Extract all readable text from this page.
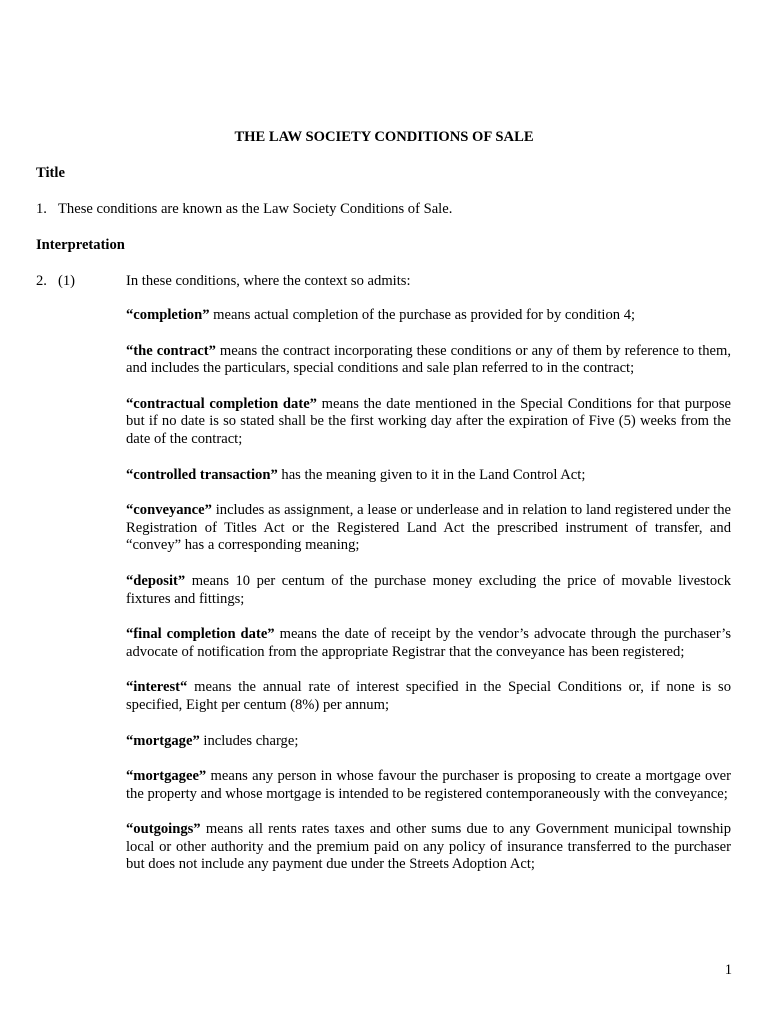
THE LAW SOCIETY CONDITIONS OF SALE
Title
1. These conditions are known as the Law Society Conditions of Sale.
Interpretation
2. (1)	In these conditions, where the context so admits:

“completion” means actual completion of the purchase as provided for by condition 4;

“the contract” means the contract incorporating these conditions or any of them by reference to them, and includes the particulars, special conditions and sale plan referred to in the contract;

“contractual completion date” means the date mentioned in the Special Conditions for that purpose but if no date is so stated shall be the first working day after the expiration of Five (5) weeks from the date of the contract;

“controlled transaction” has the meaning given to it in the Land Control Act;

“conveyance” includes as assignment, a lease or underlease and in relation to land registered under the Registration of Titles Act or the Registered Land Act the prescribed instrument of transfer, and “convey” has a corresponding meaning;

“deposit” means 10 per centum of the purchase money excluding the price of movable livestock fixtures and fittings;

“final completion date” means the date of receipt by the vendor’s advocate through the purchaser’s advocate of notification from the appropriate Registrar that the conveyance has been registered;

“interest“ means the annual rate of interest specified in the Special Conditions or, if none is so specified, Eight per centum (8%) per annum;

“mortgage” includes charge;

“mortgagee” means any person in whose favour the purchaser is proposing to create a mortgage over the property and whose mortgage is intended to be registered contemporaneously with the conveyance;

“outgoings” means all rents rates taxes and other sums due to any Government municipal township local or other authority and the premium paid on any policy of insurance transferred to the purchaser but does not include any payment due under the Streets Adoption Act;

1
